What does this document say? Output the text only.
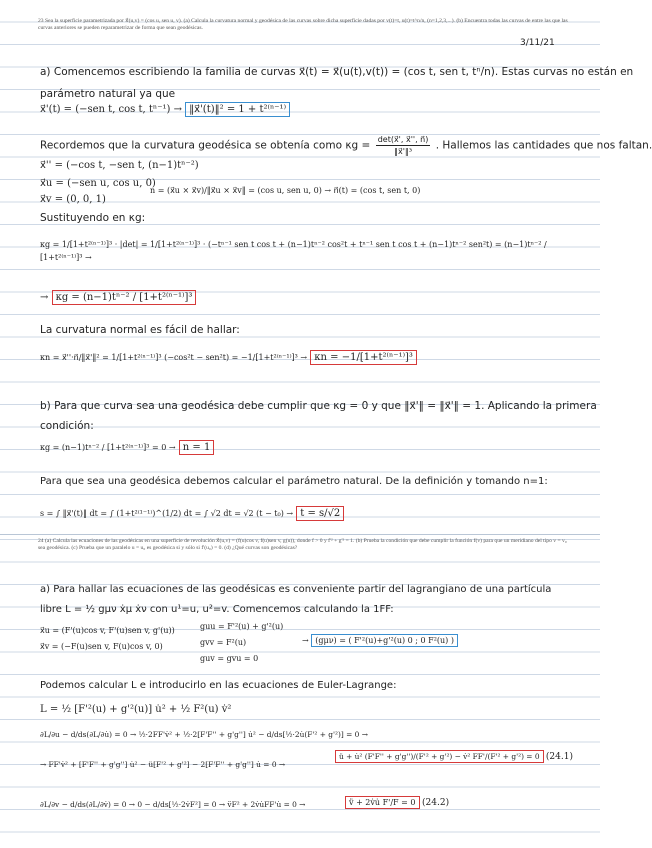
23 Sea la superficie parametrizada por x⃗(u,v) = (cos u, sen u, v). (a) Calcula la curvatura normal y geodésica de las curvas sobre dicha superficie dadas por v(t)=t, u(t)=t^n/n, (n=1,2,3,...). (b) Encuentra todas las curvas de entre las que las curvas anteriores se pueden reparametrizar de forma que sean geodésicas.
3/11/21
a) Comencemos escribiendo la familia de curvas x⃗(t) = x⃗(u(t),v(t)) = (cos t, sen t, tⁿ/n). Estas curvas no están en
parámetro natural ya que
x⃗'(t) = (−sen t, cos t, tⁿ⁻¹) → ‖x⃗'(t)‖² = 1 + t²⁽ⁿ⁻¹⁾
Recordemos que la curvatura geodésica se obtenía como $\kappa g = \frac{\det(x⃗', x⃗'', n⃗)}{\text{‖x⃗'‖³}}$ . Hallemos las cantidades que nos faltan.
x⃗'' = (−cos t, −sen t, (n−1)tⁿ⁻²)
x⃗u = (−sen u, cos u, 0)
x⃗v = (0, 0, 1)
n = (x⃗u × x⃗v)/‖x⃗u × x⃗v‖ = (cos u, sen u, 0) → n⃗(t) = (cos t, sen t, 0)
Sustituyendo en κg:
κg = 1/[1+t²⁽ⁿ⁻¹⁾]³ · |det| = 1/[1+t²⁽ⁿ⁻¹⁾]³ · (−tⁿ⁻¹ sen t cos t + (n−1)tⁿ⁻² cos²t + tⁿ⁻¹ sen t cos t + (n−1)tⁿ⁻² sen²t) = (n−1)tⁿ⁻² / [1+t²⁽ⁿ⁻¹⁾]³ →
→ κg = (n−1)tⁿ⁻² / [1+t²⁽ⁿ⁻¹⁾]³
La curvatura normal es fácil de hallar:
κn = x⃗''·n⃗/‖x⃗'‖² = 1/[1+t²⁽ⁿ⁻¹⁾]³ (−cos²t − sen²t) = −1/[1+t²⁽ⁿ⁻¹⁾]³ → κn = −1/[1+t²⁽ⁿ⁻¹⁾]³
b) Para que curva sea una geodésica debe cumplir que κg = 0 y que ‖x⃗'‖ = ‖x⃗'‖ = 1. Aplicando la primera
condición:
κg = (n−1)tⁿ⁻² / [1+t²⁽ⁿ⁻¹⁾]³ = 0 → n = 1
Para que sea una geodésica debemos calcular el parámetro natural. De la definición y tomando n=1:
s = ∫ ‖x⃗'(t)‖ dt = ∫ (1+t²⁽¹⁻¹⁾)^(1/2) dt = ∫ √2 dt = √2 (t − t₀) → t = s/√2
24 (a) Calcula las ecuaciones de las geodésicas en una superficie de revolución x⃗(u,v) = (f(u)cos v, f(u)sen v, g(u)), donde f > 0 y f'² + g'² = 1. (b) Prueba la condición que debe cumplir la función f(v) para que un meridiano del tipo v = v₀ sea geodésica. (c) Prueba que un paralelo u = u₀ es geodésica si y sólo si f'(u₀) = 0. (d) ¿Qué curvas son geodésicas?
a) Para hallar las ecuaciones de las geodésicas es conveniente partir del lagrangiano de una partícula
libre L = ½ gμν ẋμ ẋν con u¹=u, u²=v. Comencemos calculando la 1FF:
x⃗u = (F'(u)cos v, F'(u)sen v, g'(u))
x⃗v = (−F(u)sen v, F(u)cos v, 0)
guu = F'²(u) + g'²(u)
gvv = F²(u)
guv = gvu = 0
→ (gμν) = ( F'²(u)+g'²(u) 0 ; 0 F²(u) )
Podemos calcular L e introducirlo en las ecuaciones de Euler-Lagrange:
L = ½ [F'²(u) + g'²(u)] u̇² + ½ F²(u) v̇²
∂L/∂u − d/ds(∂L/∂u̇) = 0 → ½·2FF'v̇² + ½·2[F'F'' + g'g''] u̇² − d/ds[½·2u̇(F'² + g'²)] = 0 →
→ FF'v̇² + [F'F'' + g'g''] u̇² − ü[F'² + g'²] − 2[F'F'' + g'g''] u̇ = 0 →
ü + u̇² (F'F'' + g'g'')/(F'² + g'²) − v̇² FF'/(F'² + g'²) = 0 (24.1)
∂L/∂v − d/ds(∂L/∂v̇) = 0 → 0 − d/ds[½·2v̇F²] = 0 → v̈F² + 2v̇u̇FF'u̇ = 0 →	v̈ + 2v̇u̇ F'/F = 0 (24.2)
